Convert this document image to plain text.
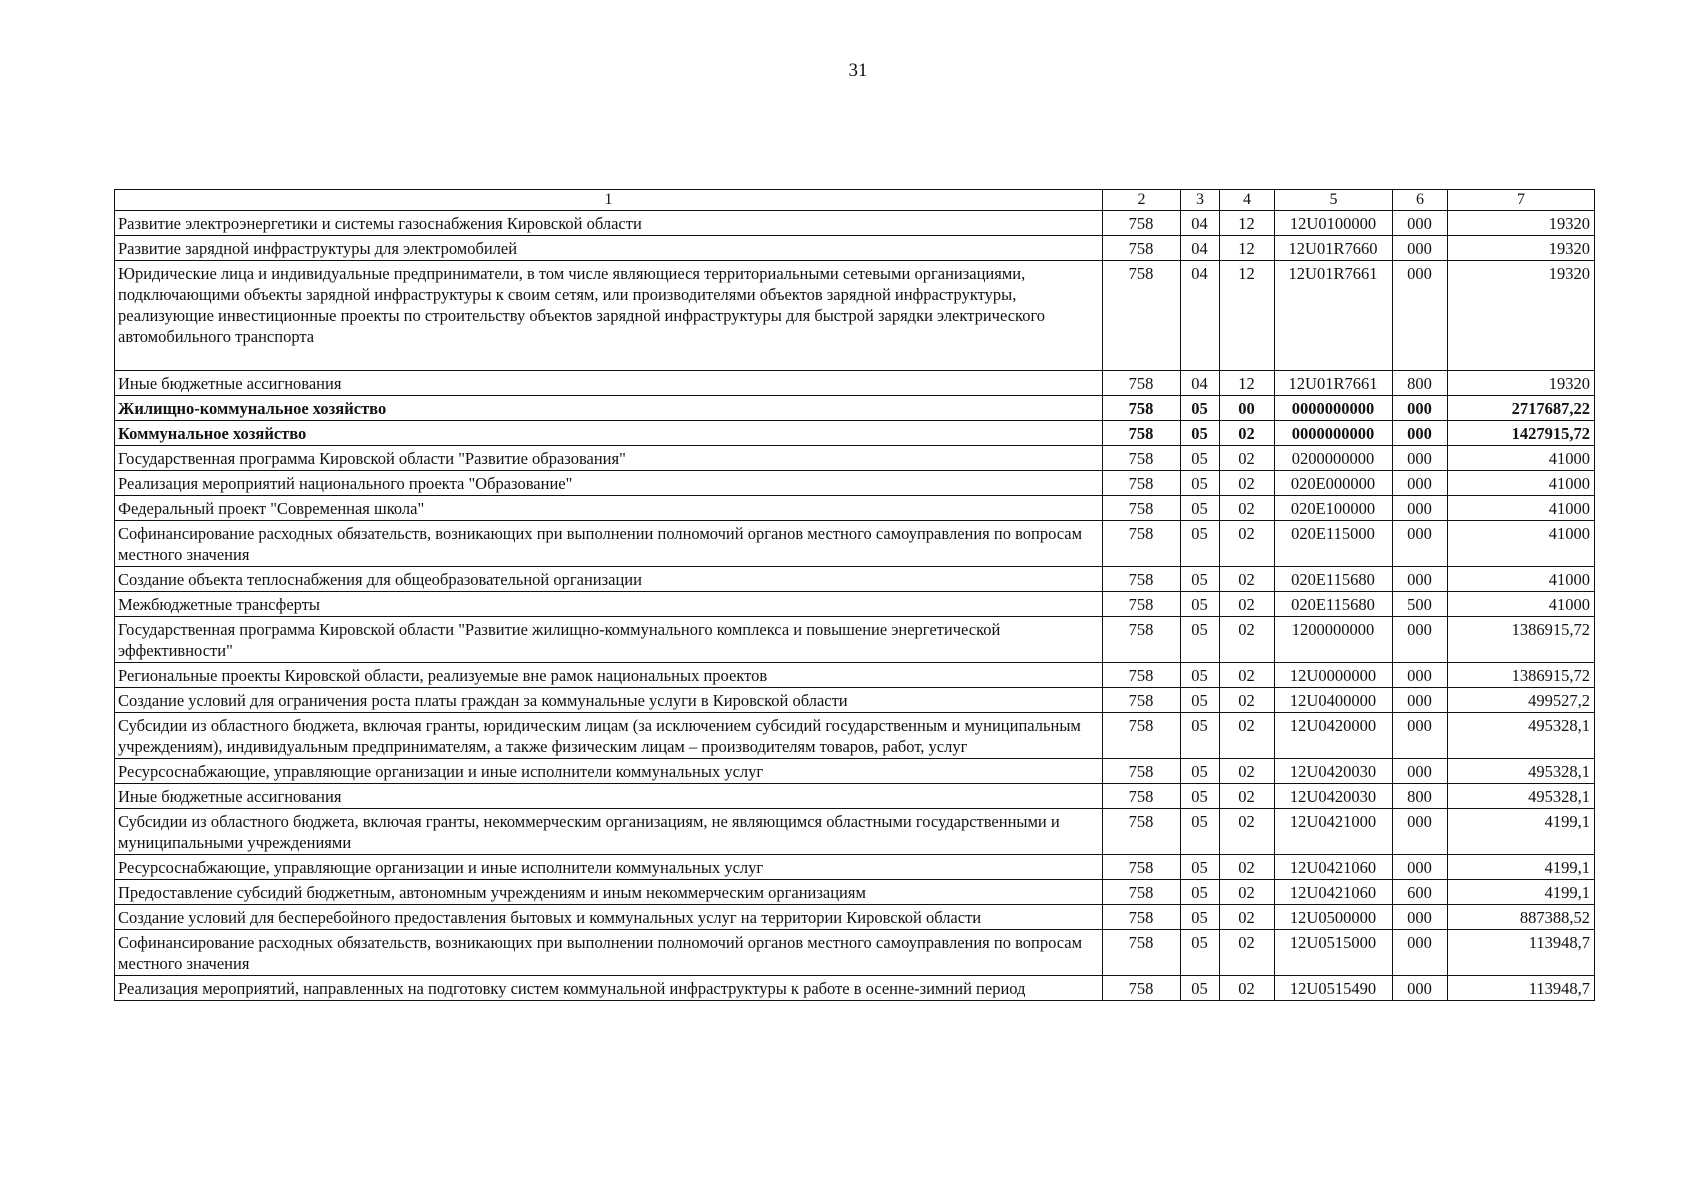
31
1	2	3	4	5	6	7
Развитие электроэнергетики и системы газоснабжения Кировской области	758	04	12	12U0100000	000	19320
Развитие зарядной инфраструктуры для электромобилей	758	04	12	12U01R7660	000	19320
Юридические лица и индивидуальные предприниматели, в том числе являющиеся территориальными сетевыми организациями, подключающими объекты зарядной инфраструктуры к своим сетям, или производителями объектов зарядной инфраструктуры, реализующие инвестиционные проекты по строительству объектов зарядной инфраструктуры для быстрой зарядки электрического автомобильного транспорта	758	04	12	12U01R7661	000	19320
Иные бюджетные ассигнования	758	04	12	12U01R7661	800	19320
Жилищно-коммунальное хозяйство	758	05	00	0000000000	000	2717687,22
Коммунальное хозяйство	758	05	02	0000000000	000	1427915,72
Государственная программа Кировской области "Развитие образования"	758	05	02	0200000000	000	41000
Реализация мероприятий национального проекта "Образование"	758	05	02	020E000000	000	41000
Федеральный проект "Современная школа"	758	05	02	020E100000	000	41000
Софинансирование расходных обязательств, возникающих при выполнении полномочий органов местного самоуправления по вопросам местного значения	758	05	02	020E115000	000	41000
Создание объекта теплоснабжения для общеобразовательной организации	758	05	02	020E115680	000	41000
Межбюджетные трансферты	758	05	02	020E115680	500	41000
Государственная программа Кировской области "Развитие жилищно-коммунального комплекса и повышение энергетической эффективности"	758	05	02	1200000000	000	1386915,72
Региональные проекты Кировской области, реализуемые вне рамок национальных проектов	758	05	02	12U0000000	000	1386915,72
Создание условий для ограничения роста платы граждан за коммунальные услуги в Кировской области	758	05	02	12U0400000	000	499527,2
Субсидии из областного бюджета, включая гранты, юридическим лицам (за исключением субсидий государственным и муниципальным учреждениям), индивидуальным предпринимателям, а также физическим лицам – производителям товаров, работ, услуг	758	05	02	12U0420000	000	495328,1
Ресурсоснабжающие, управляющие организации и иные исполнители коммунальных услуг	758	05	02	12U0420030	000	495328,1
Иные бюджетные ассигнования	758	05	02	12U0420030	800	495328,1
Субсидии из областного бюджета, включая гранты, некоммерческим организациям, не являющимся областными государственными и муниципальными учреждениями	758	05	02	12U0421000	000	4199,1
Ресурсоснабжающие, управляющие организации и иные исполнители коммунальных услуг	758	05	02	12U0421060	000	4199,1
Предоставление субсидий бюджетным, автономным учреждениям и иным некоммерческим организациям	758	05	02	12U0421060	600	4199,1
Создание условий для бесперебойного предоставления бытовых и коммунальных услуг на территории Кировской области	758	05	02	12U0500000	000	887388,52
Софинансирование расходных обязательств, возникающих при выполнении полномочий органов местного самоуправления по вопросам местного значения	758	05	02	12U0515000	000	113948,7
Реализация мероприятий, направленных на подготовку систем коммунальной инфраструктуры к работе в осенне-зимний период	758	05	02	12U0515490	000	113948,7
